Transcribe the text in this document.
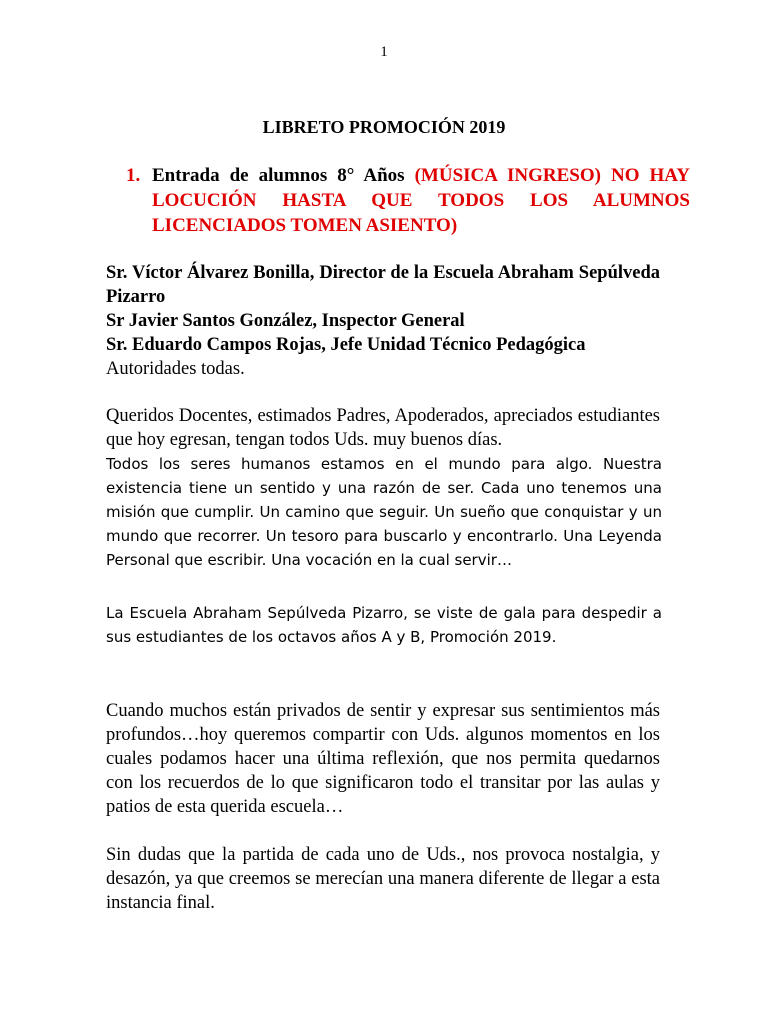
1
LIBRETO PROMOCIÓN 2019
1. Entrada de alumnos 8° Años (MÚSICA INGRESO) NO HAY LOCUCIÓN HASTA QUE TODOS LOS ALUMNOS LICENCIADOS TOMEN ASIENTO)

Sr. Víctor Álvarez Bonilla, Director de la Escuela Abraham Sepúlveda Pizarro

Sr Javier Santos González, Inspector General

Sr. Eduardo Campos Rojas, Jefe Unidad Técnico Pedagógica

Autoridades todas.

Queridos Docentes, estimados Padres, Apoderados, apreciados estudiantes que hoy egresan, tengan todos Uds. muy buenos días.

Todos los seres humanos estamos en el mundo para algo. Nuestra existencia tiene un sentido y una razón de ser. Cada uno tenemos una misión que cumplir. Un camino que seguir. Un sueño que conquistar y un mundo que recorrer. Un tesoro para buscarlo y encontrarlo. Una Leyenda Personal que escribir. Una vocación en la cual servir…

La Escuela Abraham Sepúlveda Pizarro, se viste de gala para despedir a sus estudiantes de los octavos años A y B, Promoción 2019.

Cuando muchos están privados de sentir y expresar sus sentimientos más profundos…hoy queremos compartir con Uds. algunos momentos en los cuales podamos hacer una última reflexión, que nos permita quedarnos con los recuerdos de lo que significaron todo el transitar por las aulas y patios de esta querida escuela…

Sin dudas que la partida de cada uno de Uds., nos provoca nostalgia, y desazón, ya que creemos se merecían una manera diferente de llegar a esta instancia final.
